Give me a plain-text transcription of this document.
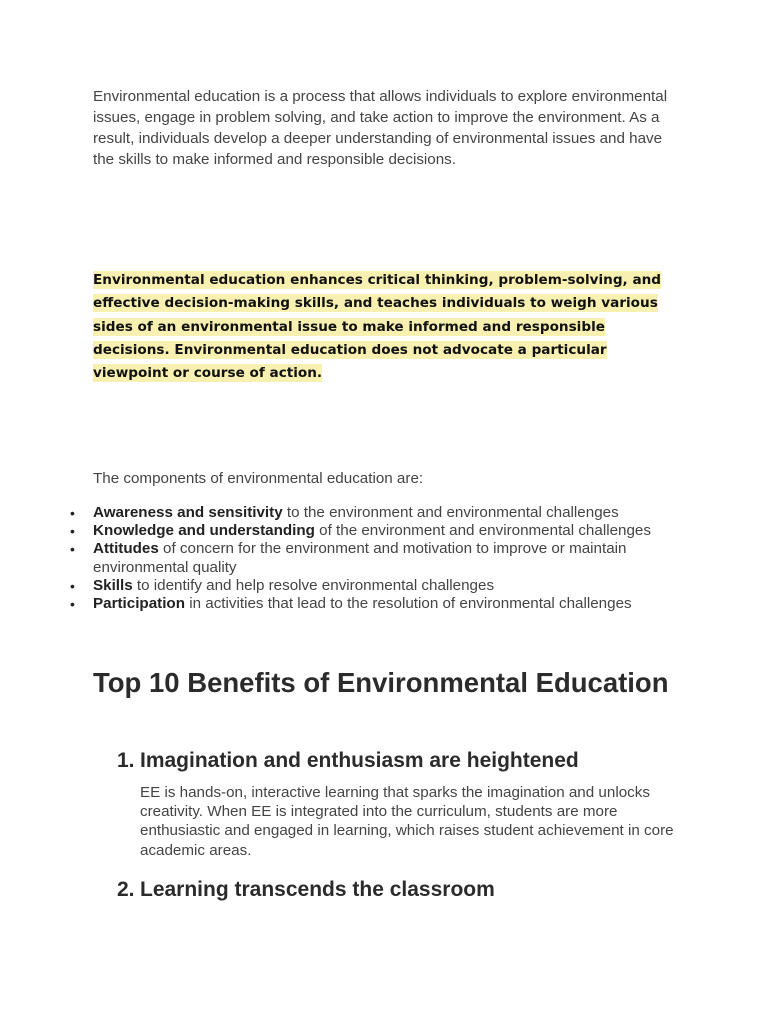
Environmental education is a process that allows individuals to explore environmental issues, engage in problem solving, and take action to improve the environment. As a result, individuals develop a deeper understanding of environmental issues and have the skills to make informed and responsible decisions.

Environmental education enhances critical thinking, problem-solving, and effective decision-making skills, and teaches individuals to weigh various sides of an environmental issue to make informed and responsible decisions. Environmental education does not advocate a particular viewpoint or course of action.

The components of environmental education are:

• Awareness and sensitivity to the environment and environmental challenges
• Knowledge and understanding of the environment and environmental challenges
• Attitudes of concern for the environment and motivation to improve or maintain environmental quality
• Skills to identify and help resolve environmental challenges
• Participation in activities that lead to the resolution of environmental challenges
Top 10 Benefits of Environmental Education
1. Imagination and enthusiasm are heightened

EE is hands-on, interactive learning that sparks the imagination and unlocks creativity. When EE is integrated into the curriculum, students are more enthusiastic and engaged in learning, which raises student achievement in core academic areas.

2. Learning transcends the classroom
